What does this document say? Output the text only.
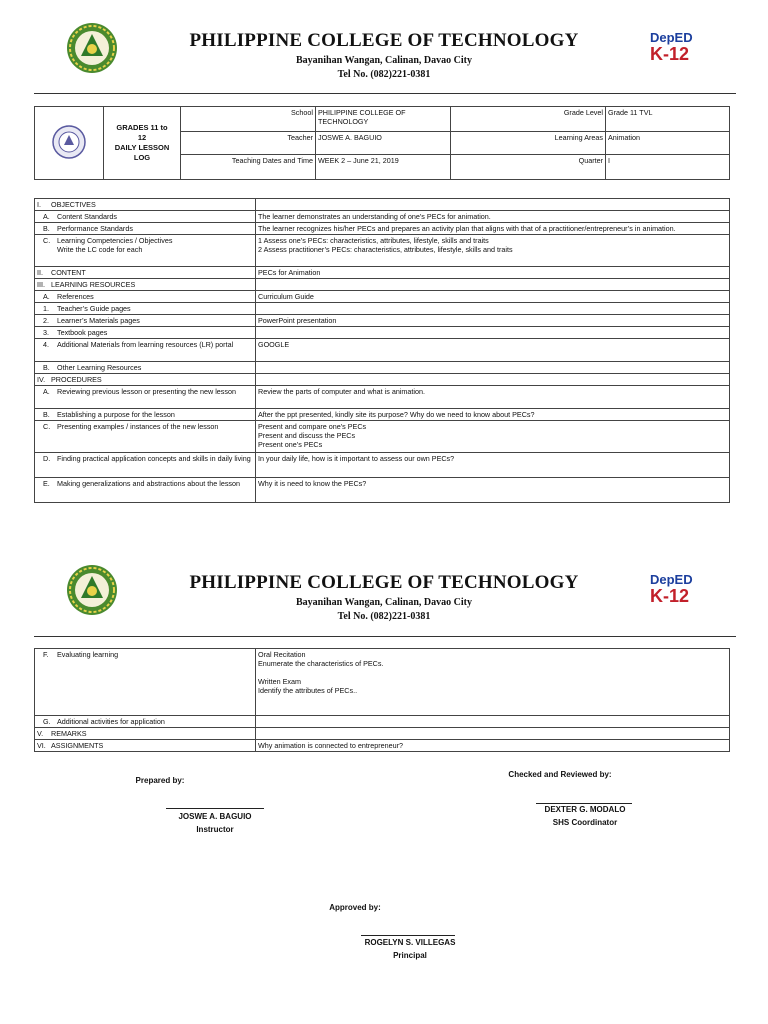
PHILIPPINE COLLEGE OF TECHNOLOGY
Bayanihan Wangan, Calinan, Davao City
Tel No. (082)221-0381
DepED
K-12

GRADES 11 to
12
DAILY LESSON
LOG	School	PHILIPPINE COLLEGE OF TECHNOLOGY	Grade Level	Grade 11 TVL
		Teacher	JOSWE A. BAGUIO	Learning Areas	Animation
		Teaching Dates and Time	WEEK 2 – June 21, 2019	Quarter	I
I. OBJECTIVES	
A. Content Standards	The learner demonstrates an understanding of one’s PECs for animation.
B. Performance Standards	The learner recognizes his/her PECs and prepares an activity plan that aligns with that of a practitioner/entrepreneur’s in animation.
C. Learning Competencies / Objectives
Write the LC code for each	1 Assess one’s PECs: characteristics, attributes, lifestyle, skills and traits
2 Assess practitioner’s PECs: characteristics, attributes, lifestyle, skills and traits
II. CONTENT	PECs for Animation
III. LEARNING RESOURCES	
A. References	Curriculum Guide
1. Teacher’s Guide pages	
2. Learner’s Materials pages	PowerPoint presentation
3. Textbook pages	
4. Additional Materials from learning resources (LR) portal	GOOGLE
B. Other Learning Resources	
IV. PROCEDURES	
A. Reviewing previous lesson or presenting the new lesson	Review the parts of computer and what is animation.
B. Establishing a purpose for the lesson	After the ppt presented, kindly site its purpose? Why do we need to know about PECs?
C. Presenting examples / instances of the new lesson	Present and compare one’s PECs
Present and discuss the PECs
Present one’s PECs
D. Finding practical application concepts and skills in daily living	In your daily life, how is it important to assess our own PECs?
E. Making generalizations and abstractions about the lesson	Why it is need to know the PECs?
PHILIPPINE COLLEGE OF TECHNOLOGY
Bayanihan Wangan, Calinan, Davao City
Tel No. (082)221-0381
DepED
K-12
F. Evaluating learning	Oral Recitation
Enumerate the characteristics of PECs.

Written Exam
Identify the attributes of PECs..
G. Additional activities for application	
V. REMARKS	
VI. ASSIGNMENTS	Why animation is connected to entrepreneur?
Prepared by:
JOSWE A. BAGUIO
Instructor
Checked and Reviewed by:
DEXTER G. MODALO
SHS Coordinator
Approved by:
ROGELYN S. VILLEGAS
Principal
